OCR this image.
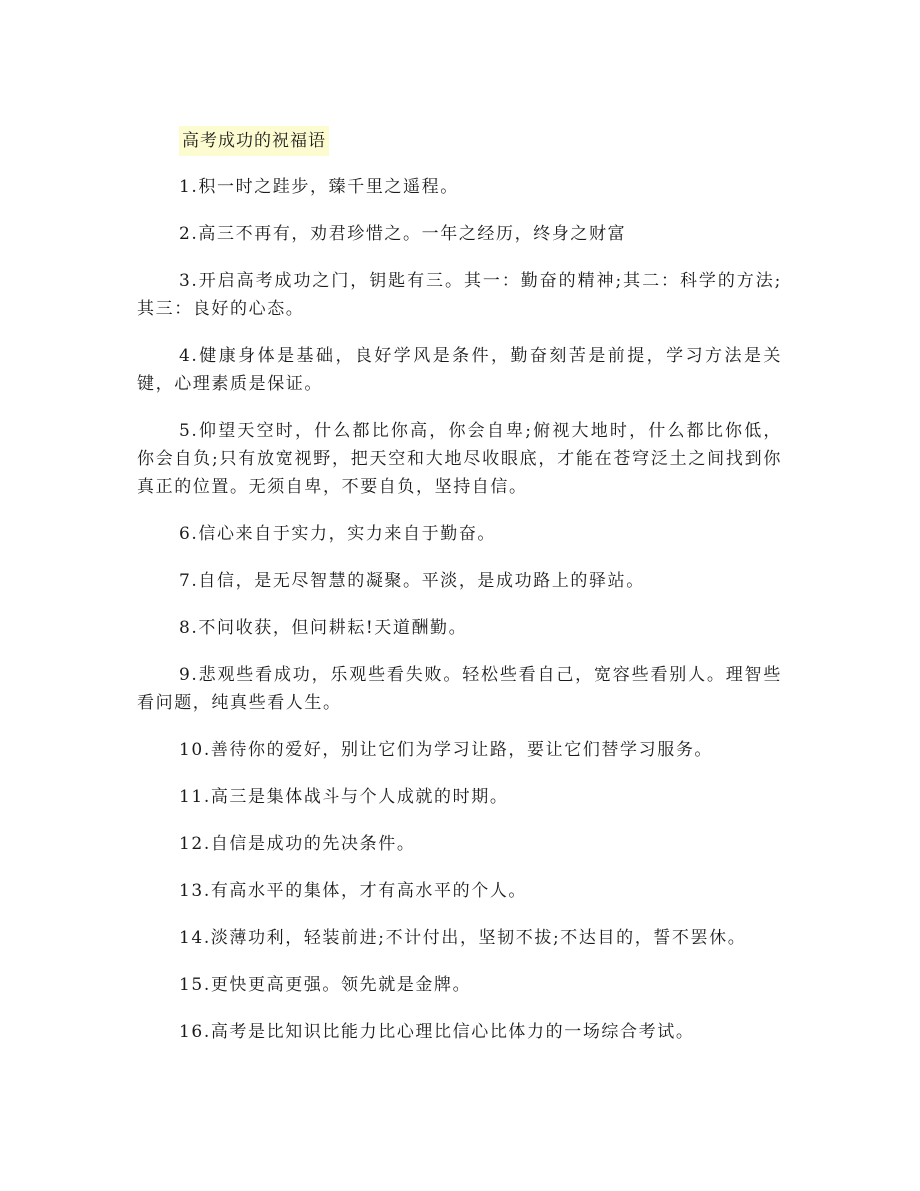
高考成功的祝福语

1.积一时之跬步，臻千里之遥程。

2.高三不再有，劝君珍惜之。一年之经历，终身之财富

3.开启高考成功之门，钥匙有三。其一：勤奋的精神;其二：科学的方法;其三：良好的心态。

4.健康身体是基础，良好学风是条件，勤奋刻苦是前提，学习方法是关键，心理素质是保证。

5.仰望天空时，什么都比你高，你会自卑;俯视大地时，什么都比你低，你会自负;只有放宽视野，把天空和大地尽收眼底，才能在苍穹泛土之间找到你真正的位置。无须自卑，不要自负，坚持自信。

6.信心来自于实力，实力来自于勤奋。

7.自信，是无尽智慧的凝聚。平淡，是成功路上的驿站。

8.不问收获，但问耕耘!天道酬勤。

9.悲观些看成功，乐观些看失败。轻松些看自己，宽容些看别人。理智些看问题，纯真些看人生。

10.善待你的爱好，别让它们为学习让路，要让它们替学习服务。

11.高三是集体战斗与个人成就的时期。

12.自信是成功的先决条件。

13.有高水平的集体，才有高水平的个人。

14.淡薄功利，轻装前进;不计付出，坚韧不拔;不达目的，誓不罢休。

15.更快更高更强。领先就是金牌。

16.高考是比知识比能力比心理比信心比体力的一场综合考试。
